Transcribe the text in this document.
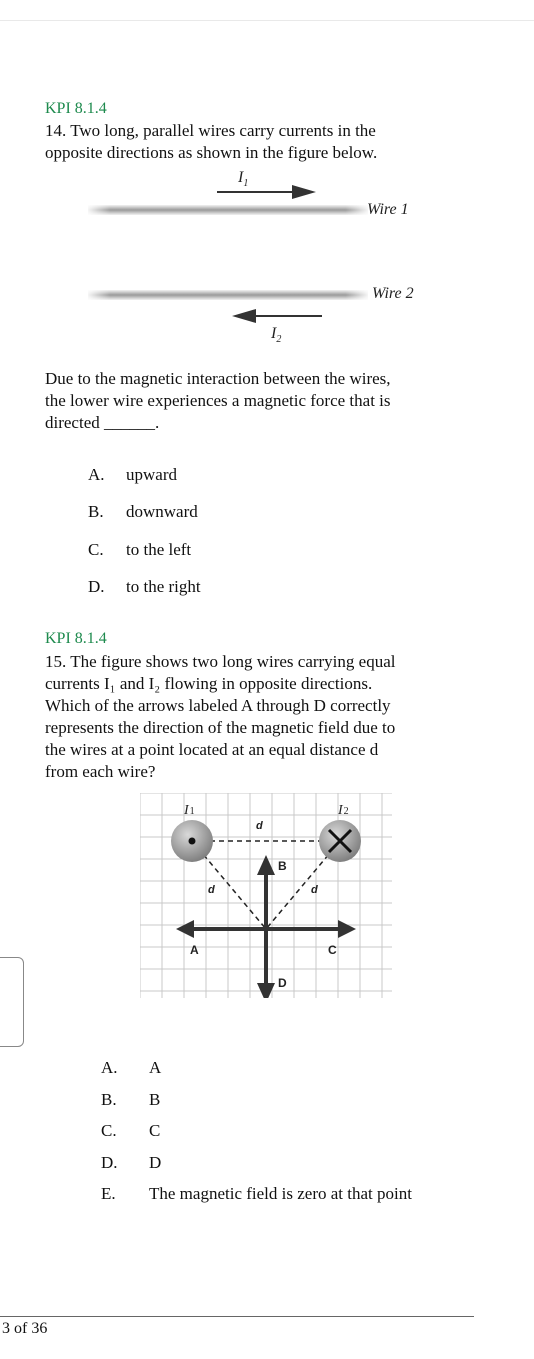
KPI 8.1.4
14. Two long, parallel wires carry currents in the
opposite directions as shown in the figure below.
$I_1$
Wire 1
$I_2$
Wire 2
Due to the magnetic interaction between the wires,
the lower wire experiences a magnetic force that is
directed ______.
A. upward
B. downward
C. to the left
D. to the right
KPI 8.1.4
15. The figure shows two long wires carrying equal
currents I₁ and I₂ flowing in opposite directions.
Which of the arrows labeled A through D correctly
represents the direction of the magnetic field due to
the wires at a point located at an equal distance d
from each wire?
I1	I2
d
d	d
A
B
C
D
A. A
B. B
C. C
D. D
E. The magnetic field is zero at that point
3 of 36
